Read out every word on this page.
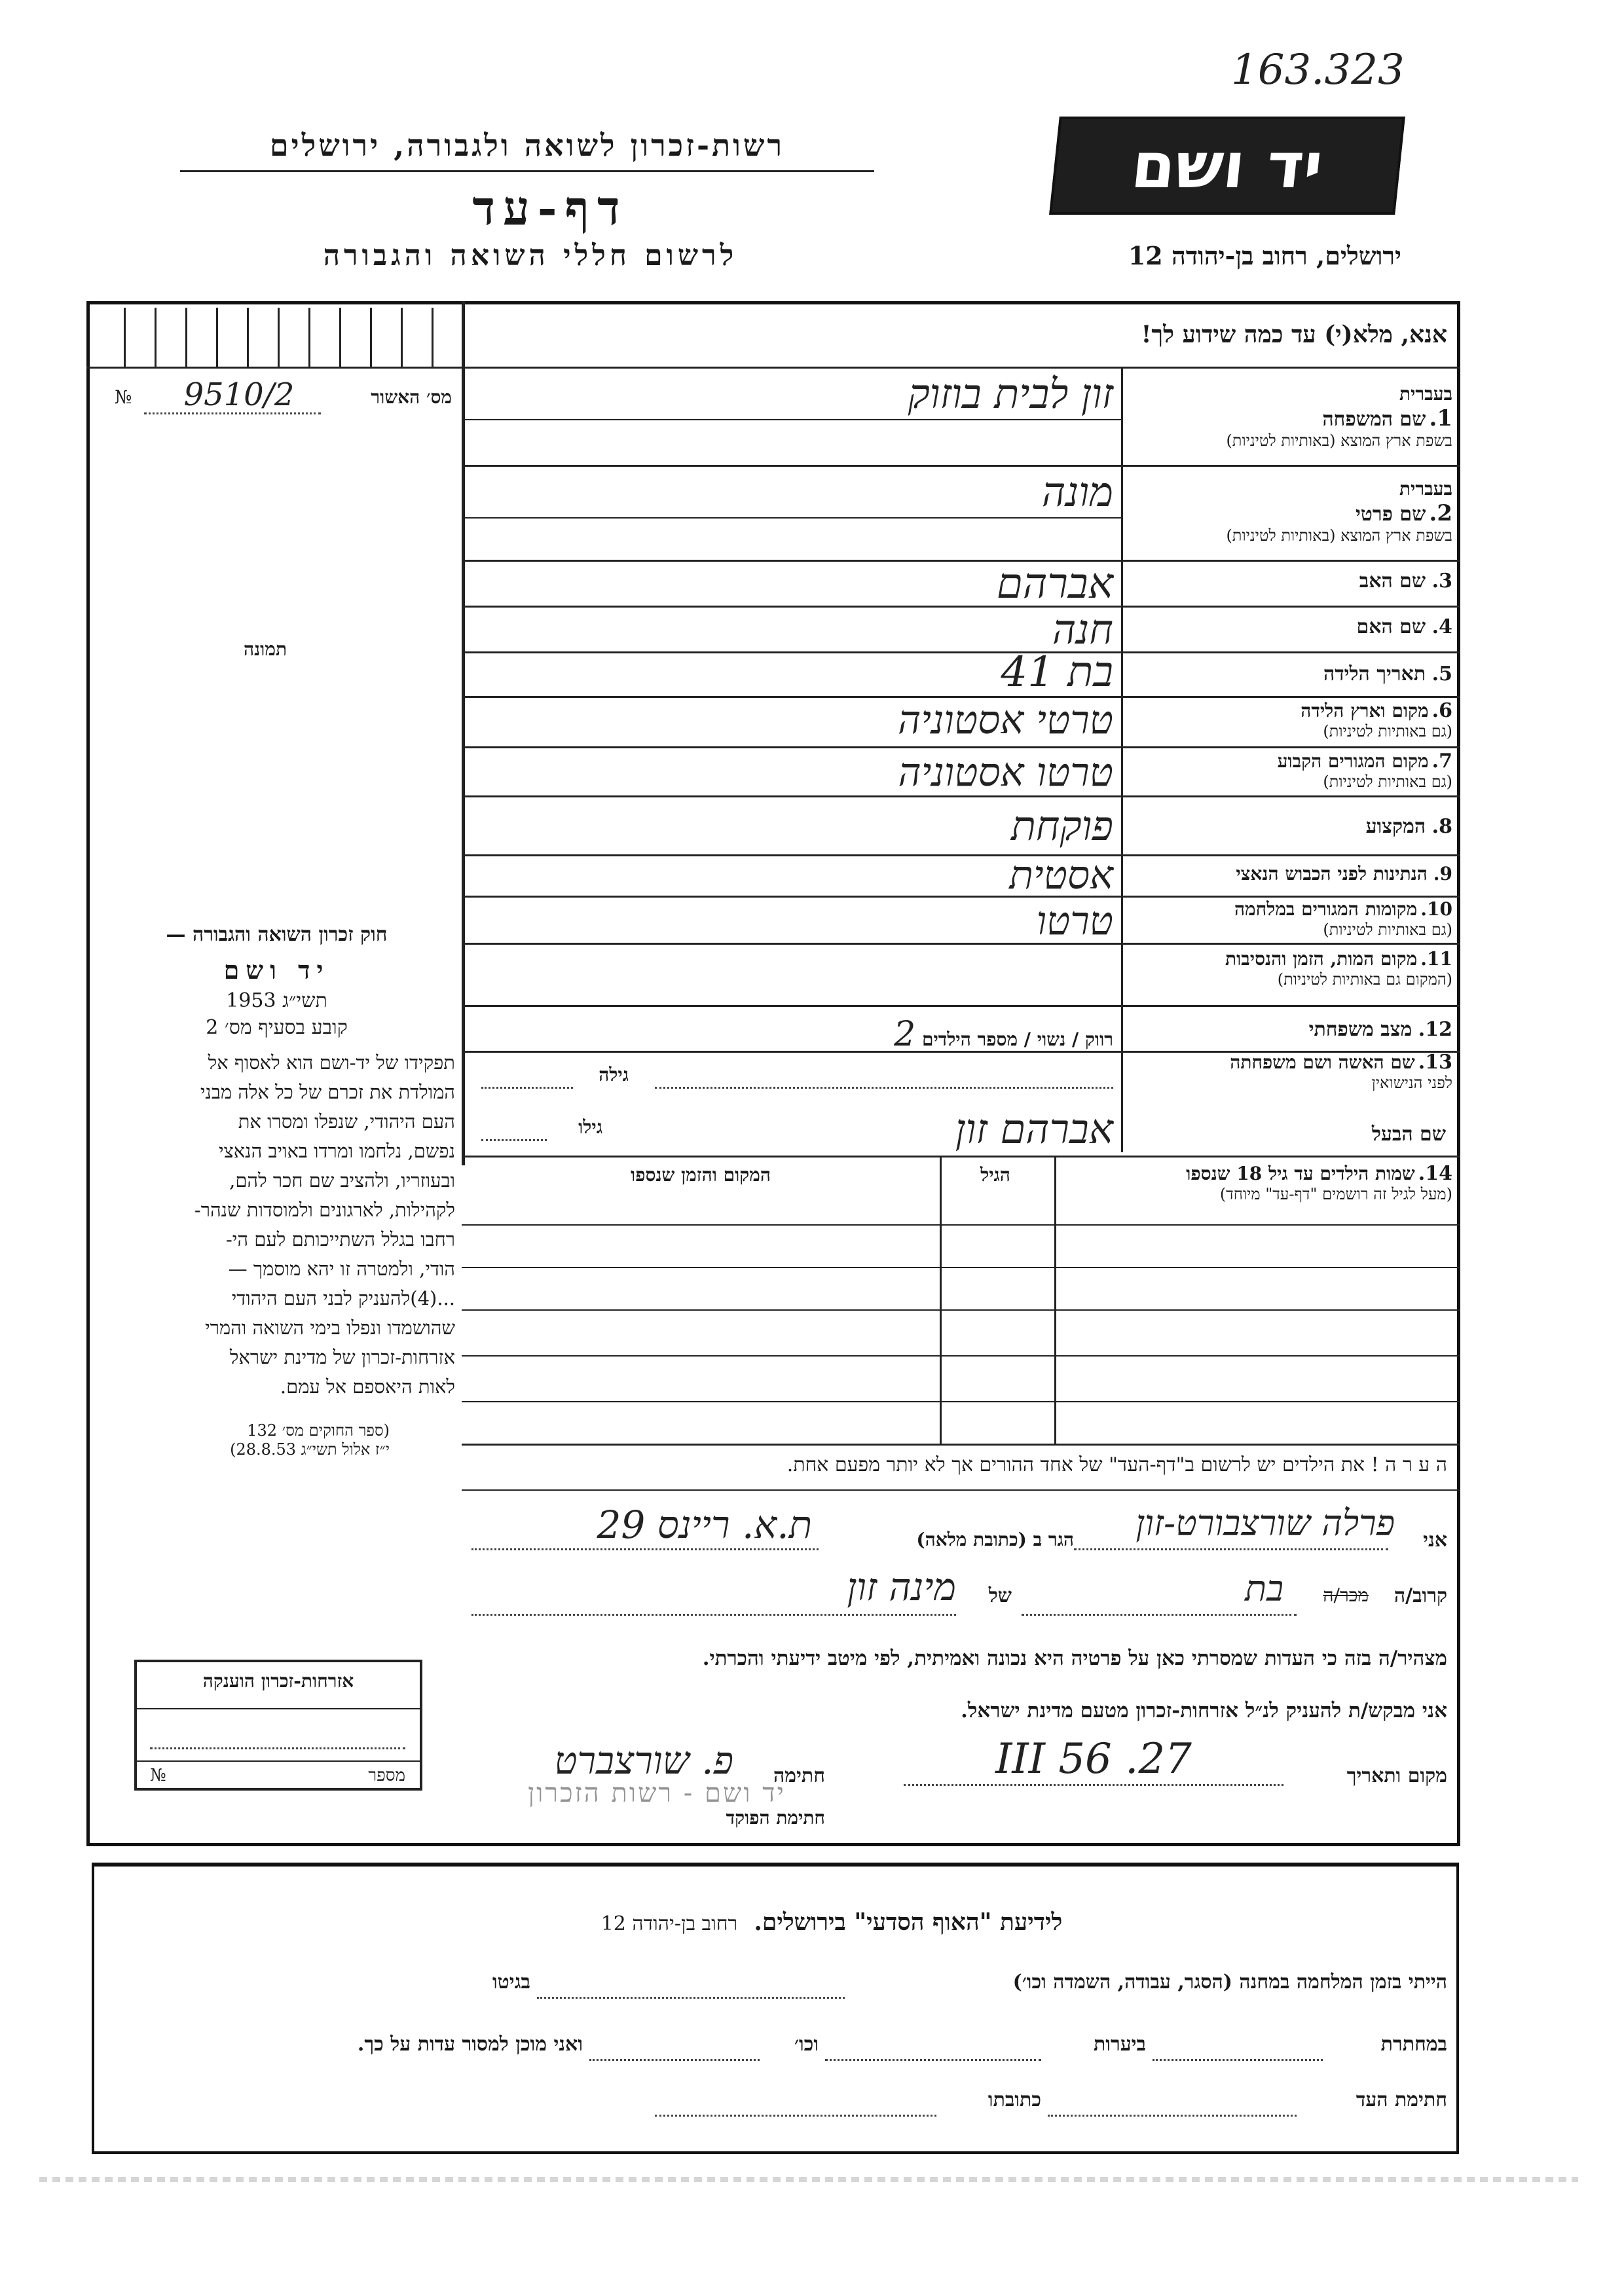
163.323
יד ושם
רשות-זכרון לשואה ולגבורה, ירושלים
דף-עד
לרשום חללי השואה והגבורה	ירושלים, רחוב בן-יהודה 12
אנא, מלא(י) עד כמה שידוע לך!
מס׳ האשור
9510/2
№
תמונה
בעברית
1. שם המשפחה
בשפת ארץ המוצא (באותיות לטיניות)
בעברית
2. שם פרטי
בשפת ארץ המוצא (באותיות לטיניות)
3. שם האב
4. שם האם
5. תאריך הלידה
6. מקום וארץ הלידה
(גם באותיות לטיניות)
7. מקום המגורים הקבוע
(גם באותיות לטיניות)
8. המקצוע
9. הנתינות לפני הכבוש הנאצי
10. מקומות המגורים במלחמה
(גם באותיות לטיניות)
11. מקום המות, הזמן והנסיבות
(המקום גם באותיות לטיניות)
12. מצב משפחתי
13. שם האשה ושם משפחתה
לפני הנישואין
שם הבעל
זון לבית בוזוק
מונה
אברהם
חנה
בת 41
טרטי אסטוניה
טרטו אסטוניה
פוקחת
אסטית
טרטו
רווק / נשוי / מספר הילדים 2
גילה
אברהם זון
גילו
14. שמות הילדים עד גיל 18 שנספו
(מעל לגיל זה רושמים "דף-עד" מיוחד)
הגיל
המקום והזמן שנספו
חוק זכרון השואה והגבורה —
יד ושם
תשי״ג 1953
קובע בסעיף מס׳ 2
תפקידו של יד-ושם הוא לאסוף אל
המולדת את זכרם של כל אלה מבני
העם היהודי, שנפלו ומסרו את
נפשם, נלחמו ומרדו באויב הנאצי
ובעוזריו, ולהציב שם חכר להם,
לקהילות, לארגונים ולמוסדות שנהר-
רחבו בגלל השתייכותם לעם הי-
הודי, ולמטרה זו יהא מוסמך —
...(4)להעניק לבני העם היהודי
שהושמדו ונפלו בימי השואה והמרי
אזרחות-זכרון של מדינת ישראל
לאות היאספם אל עמם.
(ספר החוקים מס׳ 132
י״ז אלול תשי״ג 28.8.53)
ה ע ר ה ! את הילדים יש לרשום ב"דף-העד" של אחד ההורים אך לא יותר מפעם אחת.
אני
פרלה שורצבורט-זון
הגר ב (כתובת מלאה)
ת.א. ריינס 29
קרוב/ה
מכר/ה
בת
של
מינה זון
מצהיר/ה בזה כי העדות שמסרתי כאן על פרטיה היא נכונה ואמיתית, לפי מיטב ידיעתי והכרתי.
אני מבקש/ת להעניק לנ״ל אזרחות-זכרון מטעם מדינת ישראל.
אזרחות-זכרון הוענקה
מספר
№	מקום ותאריך
27. III 56
חתימה
פ. שורצברט
חתימת הפוקד
יד ושם - רשות הזכרון
לידיעת "האוף הסדעי" בירושלים. רחוב בן-יהודה 12
הייתי בזמן המלחמה במחנה (הסגר, עבודה, השמדה וכו׳)
בגיטו
במחתרת
ביערות
וכו׳
ואני מוכן למסור עדות על כך.
חתימת העד
כתובתו
